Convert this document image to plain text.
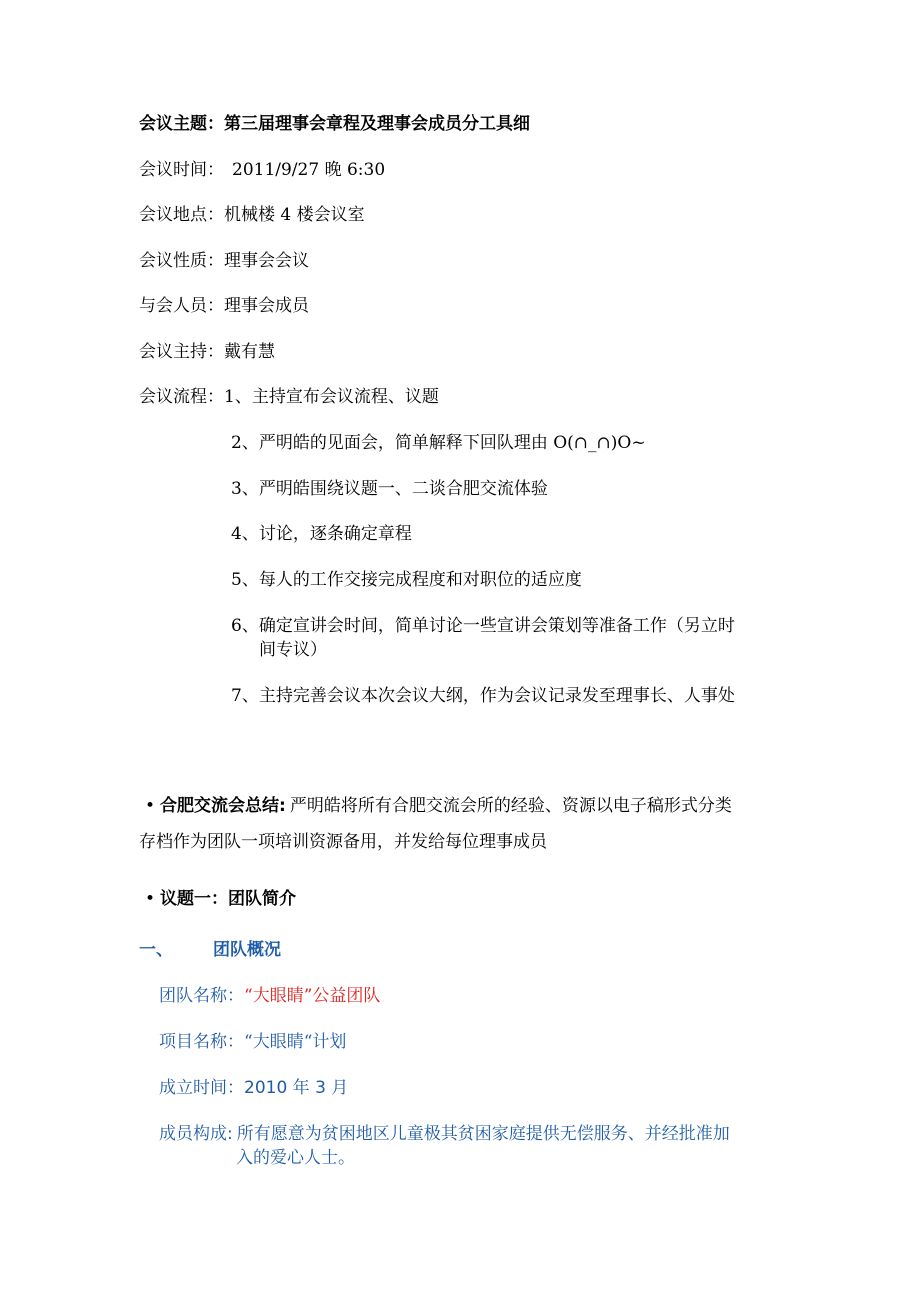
会议主题：第三届理事会章程及理事会成员分工具细
会议时间： 2011/9/27 晚 6:30
会议地点：机械楼 4 楼会议室
会议性质：理事会会议
与会人员：理事会成员
会议主持：戴有慧
会议流程：1、主持宣布会议流程、议题
2、严明皓的见面会，简单解释下回队理由 O(∩_∩)O~
3、严明皓围绕议题一、二谈合肥交流体验
4、讨论，逐条确定章程
5、每人的工作交接完成程度和对职位的适应度
6、确定宣讲会时间，简单讨论一些宣讲会策划等准备工作（另立时
间专议）
7、主持完善会议本次会议大纲，作为会议记录发至理事长、人事处
• 合肥交流会总结: 严明皓将所有合肥交流会所的经验、资源以电子稿形式分类
存档作为团队一项培训资源备用，并发给每位理事成员
• 议题一：团队简介
一、 团队概况
团队名称：“大眼睛”公益团队
项目名称：“大眼睛“计划
成立时间：2010 年 3 月
成员构成: 所有愿意为贫困地区儿童极其贫困家庭提供无偿服务、并经批准加
入的爱心人士。
